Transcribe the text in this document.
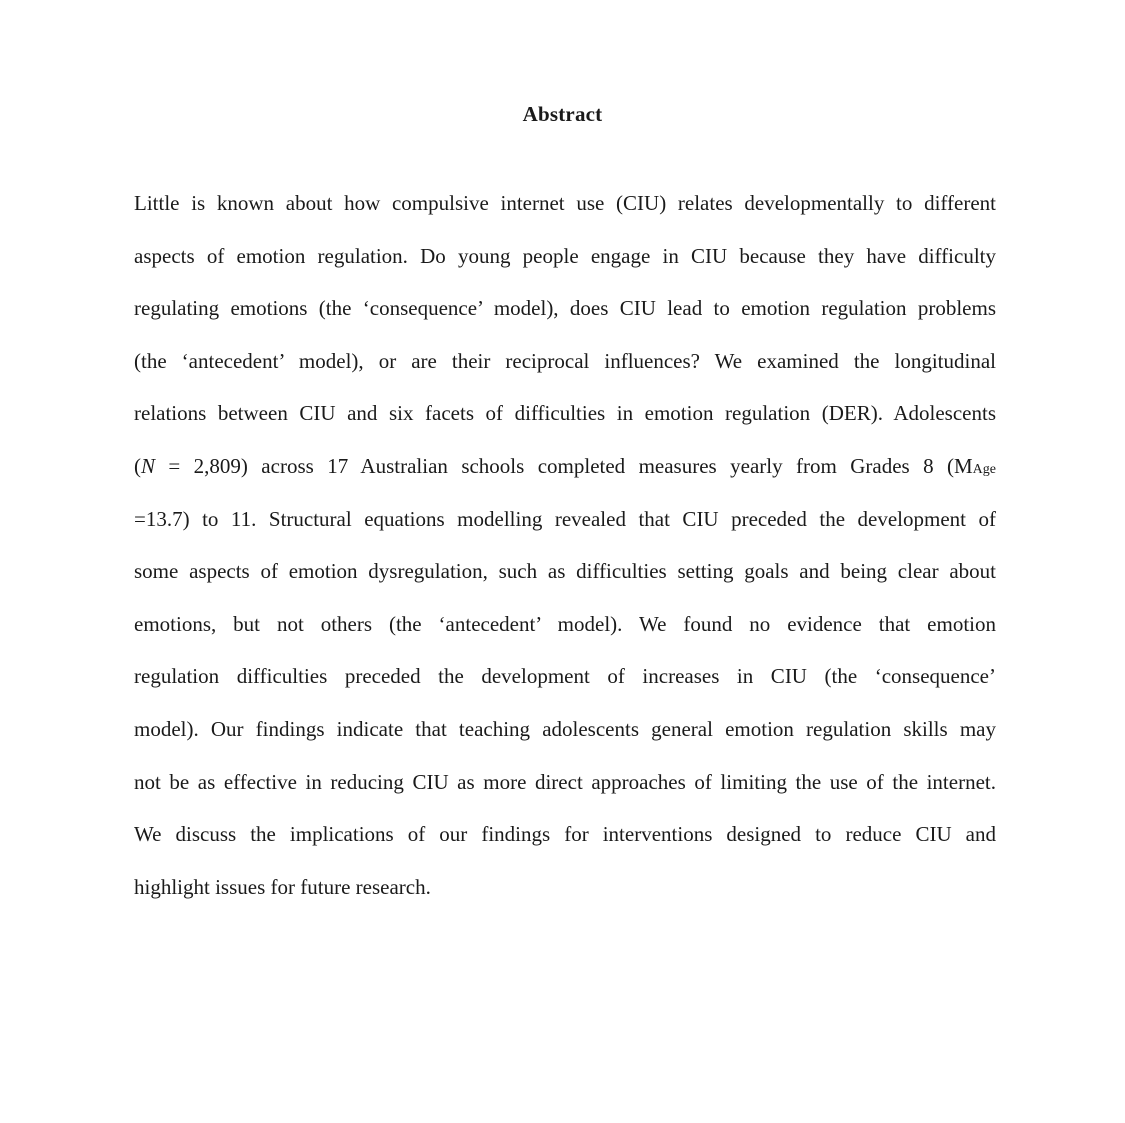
Abstract
Little is known about how compulsive internet use (CIU) relates developmentally to different
aspects of emotion regulation. Do young people engage in CIU because they have difficulty
regulating emotions (the ‘consequence’ model), does CIU lead to emotion regulation problems
(the ‘antecedent’ model), or are their reciprocal influences? We examined the longitudinal
relations between CIU and six facets of difficulties in emotion regulation (DER). Adolescents
(N = 2,809) across 17 Australian schools completed measures yearly from Grades 8 (MAge
=13.7) to 11. Structural equations modelling revealed that CIU preceded the development of
some aspects of emotion dysregulation, such as difficulties setting goals and being clear about
emotions, but not others (the ‘antecedent’ model). We found no evidence that emotion
regulation difficulties preceded the development of increases in CIU (the ‘consequence’
model). Our findings indicate that teaching adolescents general emotion regulation skills may
not be as effective in reducing CIU as more direct approaches of limiting the use of the internet.
We discuss the implications of our findings for interventions designed to reduce CIU and
highlight issues for future research.
